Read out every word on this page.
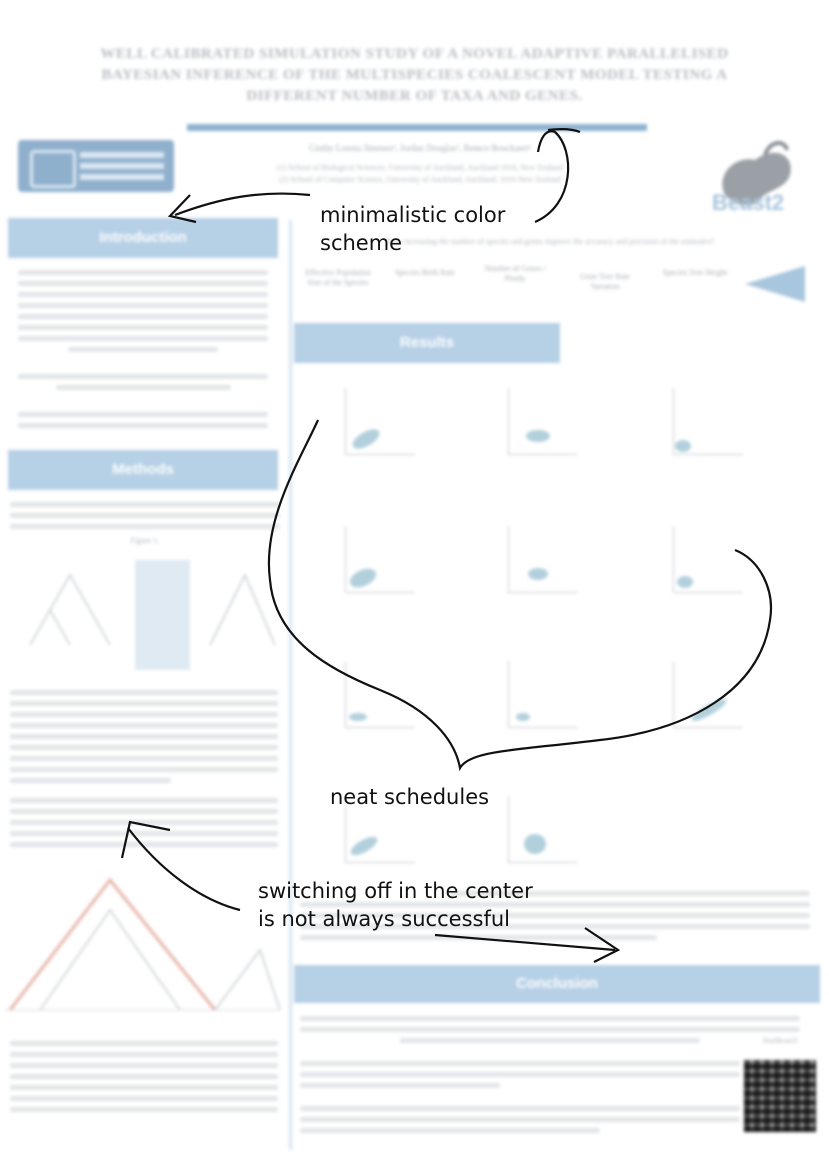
WELL CALIBRATED SIMULATION STUDY OF A NOVEL ADAPTIVE PARALLELISED BAYESIAN INFERENCE OF THE MULTISPECIES COALESCENT MODEL TESTING A DIFFERENT NUMBER OF TAXA AND GENES.
Cinthy Lorena Jimenez¹, Jordan Douglas², Remco Bouckaert²
(1) School of Biological Sciences, University of Auckland, Auckland 1010, New Zealand
(2) School of Computer Science, University of Auckland, Auckland, 1010 New Zealand
Beast2
Introduction
Methods
Figure 1.
Does increasing the number of species and genes improve the accuracy and precision of the estimates?
Effective Population Size of the Species
Species Birth Rate	Number of Genes / Ploidy	Gene Tree Rate Variation
Species Tree Height
Results
Conclusion
StarBeast3
minimalistic color
scheme
neat schedules
switching off in the center
is not always successful
